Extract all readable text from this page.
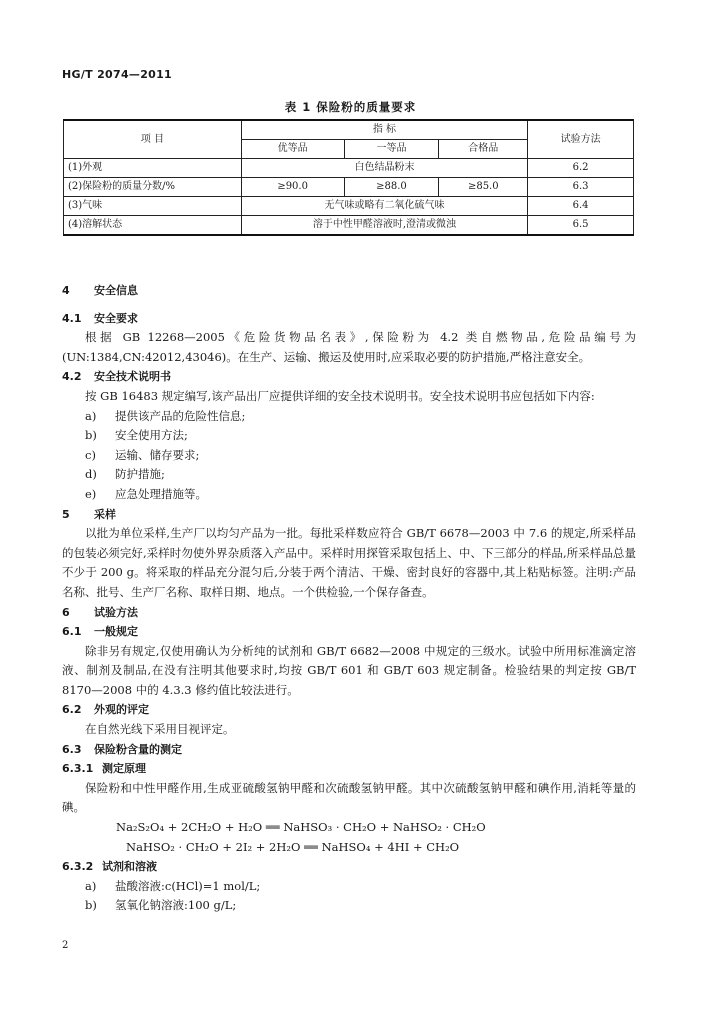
HG/T 2074—2011
表 1 保险粉的质量要求
项 目	指 标			试验方法
	优等品	一等品	合格品	
(1)外观	白色结晶粉末			6.2
(2)保险粉的质量分数/%	≥90.0	≥88.0	≥85.0	6.3
(3)气味	无气味或略有二氧化硫气味			6.4
(4)溶解状态	溶于中性甲醛溶液时,澄清或微浊			6.5
4	安全信息
4.1	安全要求
根据 GB 12268—2005《危险货物品名表》,保险粉为 4.2 类自燃物品,危险品编号为(UN:1384,CN:42012,43046)。在生产、运输、搬运及使用时,应采取必要的防护措施,严格注意安全。
4.2	安全技术说明书
按 GB 16483 规定编写,该产品出厂应提供详细的安全技术说明书。安全技术说明书应包括如下内容:
a)	提供该产品的危险性信息;
b)	安全使用方法;
c)	运输、储存要求;
d)	防护措施;
e)	应急处理措施等。
5	采样
以批为单位采样,生产厂以均匀产品为一批。每批采样数应符合 GB/T 6678—2003 中 7.6 的规定,所采样品的包装必须完好,采样时勿使外界杂质落入产品中。采样时用探管采取包括上、中、下三部分的样品,所采样品总量不少于 200 g。将采取的样品充分混匀后,分装于两个清洁、干燥、密封良好的容器中,其上粘贴标签。注明:产品名称、批号、生产厂名称、取样日期、地点。一个供检验,一个保存备查。
6	试验方法
6.1	一般规定
除非另有规定,仅使用确认为分析纯的试剂和 GB/T 6682—2008 中规定的三级水。试验中所用标准滴定溶液、制剂及制品,在没有注明其他要求时,均按 GB/T 601 和 GB/T 603 规定制备。检验结果的判定按 GB/T 8170—2008 中的 4.3.3 修约值比较法进行。
6.2	外观的评定
在自然光线下采用目视评定。
6.3	保险粉含量的测定
6.3.1 测定原理
保险粉和中性甲醛作用,生成亚硫酸氢钠甲醛和次硫酸氢钠甲醛。其中次硫酸氢钠甲醛和碘作用,消耗等量的碘。
Na₂S₂O₄ + 2CH₂O + H₂O ══ NaHSO₃ · CH₂O + NaHSO₂ · CH₂O
NaHSO₂ · CH₂O + 2I₂ + 2H₂O ══ NaHSO₄ + 4HI + CH₂O
6.3.2 试剂和溶液
a)	盐酸溶液:c(HCl)=1 mol/L;
b)	氢氧化钠溶液:100 g/L;
2
